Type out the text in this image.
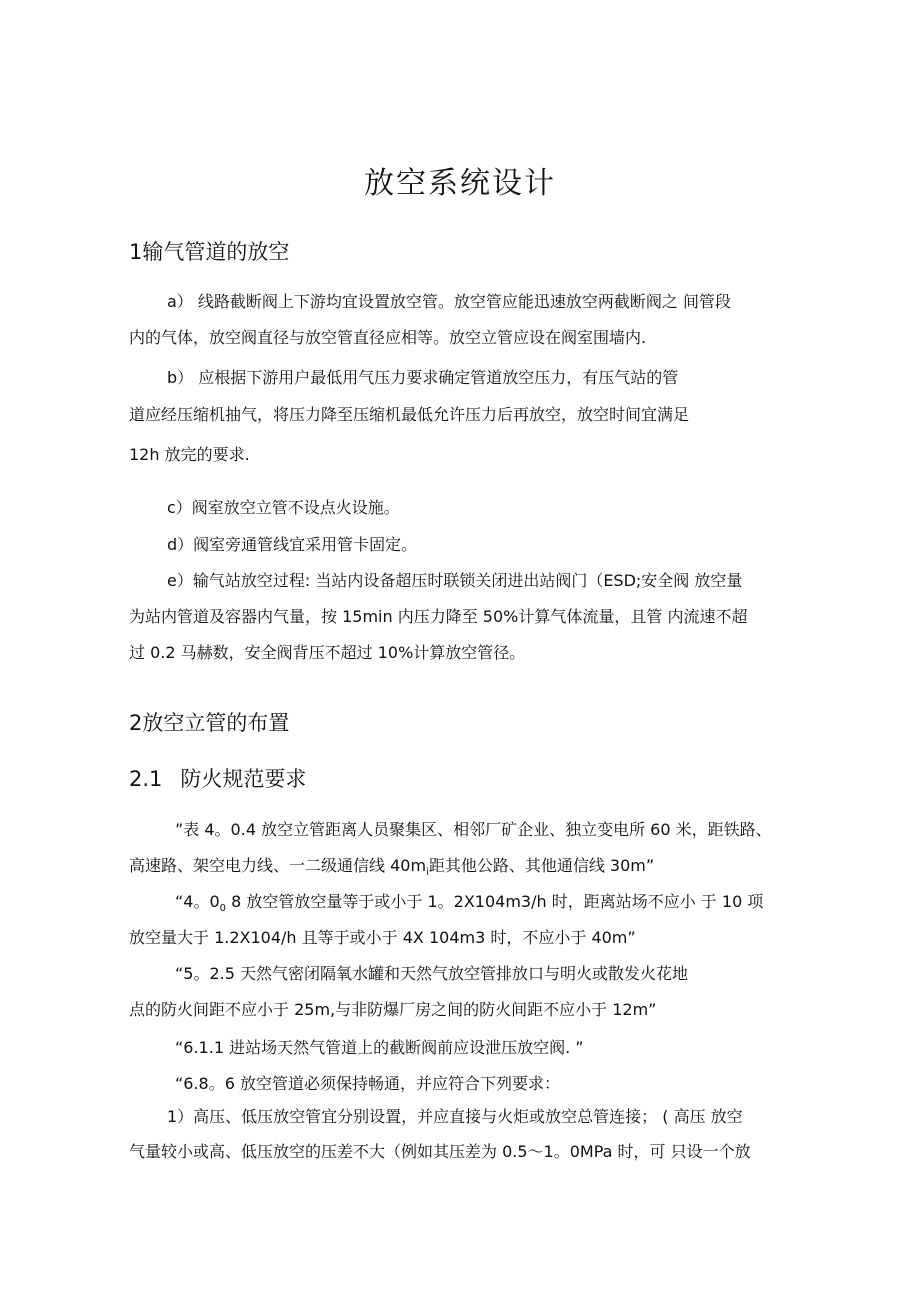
放空系统设计
1输气管道的放空

a） 线路截断阀上下游均宜设置放空管。放空管应能迅速放空两截断阀之 间管段

内的气体，放空阀直径与放空管直径应相等。放空立管应设在阀室围墙内.

b） 应根据下游用户最低用气压力要求确定管道放空压力，有压气站的管

道应经压缩机抽气，将压力降至压缩机最低允许压力后再放空，放空时间宜满足

12h 放完的要求.

c）阀室放空立管不设点火设施。

d）阀室旁通管线宜采用管卡固定。

e）输气站放空过程: 当站内设备超压时联锁关闭进出站阀门（ESD;安全阀 放空量

为站内管道及容器内气量，按 15min 内压力降至 50%计算气体流量，且管 内流速不超

过 0.2 马赫数，安全阀背压不超过 10%计算放空管径。

2放空立管的布置
2.1 防火规范要求

”表 4。0.4 放空立管距离人员聚集区、相邻厂矿企业、独立变电所 60 米，距铁路、

高速路、架空电力线、一二级通信线 $40m_i$距其他公路、其他通信线 30m”

“4。$0_0$ 8 放空管放空量等于或小于 1。2X104m3/h 时，距离站场不应小 于 10 项

放空量大于 1.2X104/h 且等于或小于 4X 104m3 时，不应小于 40m”

“5。2.5 天然气密闭隔氧水罐和天然气放空管排放口与明火或散发火花地

点的防火间距不应小于 25m,与非防爆厂房之间的防火间距不应小于 12m”

“6.1.1 进站场天然气管道上的截断阀前应设泄压放空阀. ”

“6.8。6 放空管道必须保持畅通，并应符合下列要求：

1）高压、低压放空管宜分别设置，并应直接与火炬或放空总管连接； ( 高压 放空

气量较小或高、低压放空的压差不大（例如其压差为 0.5〜1。0MPa 时，可 只设一个放
